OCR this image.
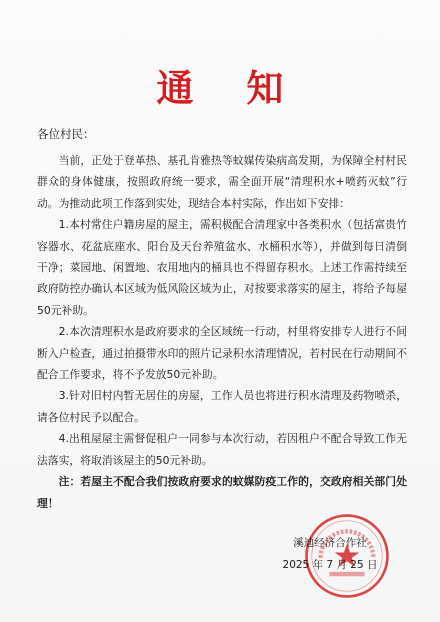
通 知
各位村民：

当前，正处于登革热、基孔肯雅热等蚊媒传染病高发期，为保障全村村民群众的身体健康，按照政府统一要求，需全面开展“清理积水+喷药灭蚊”行动。为推动此项工作落到实处，现结合本村实际，作出如下安排：

1.本村常住户籍房屋的屋主，需积极配合清理家中各类积水（包括富贵竹容器水、花盆底座水、阳台及天台养殖盆水、水桶积水等），并做到每日清倒干净；菜园地、闲置地、农用地内的桶具也不得留存积水。上述工作需持续至政府防控办确认本区域为低风险区域为止，对按要求落实的屋主，将给予每屋50元补助。

2.本次清理积水是政府要求的全区域统一行动，村里将安排专人进行不间断入户检查，通过拍摄带水印的照片记录积水清理情况，若村民在行动期间不配合工作要求，将不予发放50元补助。

3.针对旧村内暂无居住的房屋，工作人员也将进行积水清理及药物喷杀，请各位村民予以配合。

4.出租屋屋主需督促租户一同参与本次行动，若因租户不配合导致工作无法落实，将取消该屋主的50元补助。

注：若屋主不配合我们按政府要求的蚊媒防疫工作的，交政府相关部门处理！

溪迪经济合作社
2025 年 7 月 25 日
